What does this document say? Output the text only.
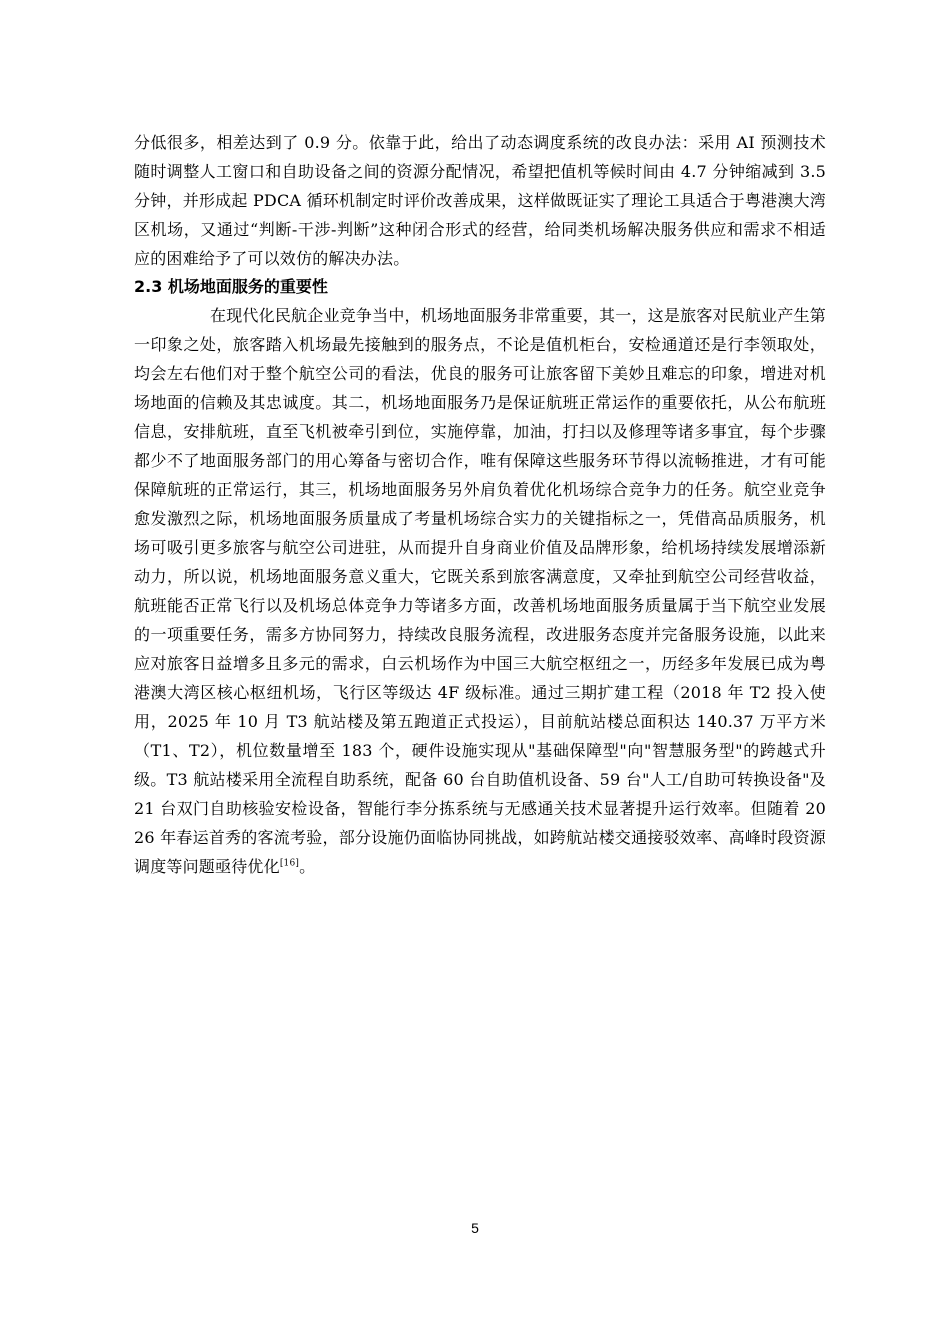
分低很多，相差达到了 0.9 分。依靠于此，给出了动态调度系统的改良办法：采用 AI 预测技术随时调整人工窗口和自助设备之间的资源分配情况，希望把值机等候时间由 4.7 分钟缩减到 3.5 分钟，并形成起 PDCA 循环机制定时评价改善成果，这样做既证实了理论工具适合于粤港澳大湾区机场，又通过“判断-干涉-判断”这种闭合形式的经营，给同类机场解决服务供应和需求不相适应的困难给予了可以效仿的解决办法。

2.3 机场地面服务的重要性

在现代化民航企业竞争当中，机场地面服务非常重要，其一，这是旅客对民航业产生第一印象之处，旅客踏入机场最先接触到的服务点，不论是值机柜台，安检通道还是行李领取处，均会左右他们对于整个航空公司的看法，优良的服务可让旅客留下美妙且难忘的印象，增进对机场地面的信赖及其忠诚度。其二，机场地面服务乃是保证航班正常运作的重要依托，从公布航班信息，安排航班，直至飞机被牵引到位，实施停靠，加油，打扫以及修理等诸多事宜，每个步骤都少不了地面服务部门的用心筹备与密切合作，唯有保障这些服务环节得以流畅推进，才有可能保障航班的正常运行，其三，机场地面服务另外肩负着优化机场综合竞争力的任务。航空业竞争愈发激烈之际，机场地面服务质量成了考量机场综合实力的关键指标之一，凭借高品质服务，机场可吸引更多旅客与航空公司进驻，从而提升自身商业价值及品牌形象，给机场持续发展增添新动力，所以说，机场地面服务意义重大，它既关系到旅客满意度，又牵扯到航空公司经营收益，航班能否正常飞行以及机场总体竞争力等诸多方面，改善机场地面服务质量属于当下航空业发展的一项重要任务，需多方协同努力，持续改良服务流程，改进服务态度并完备服务设施，以此来应对旅客日益增多且多元的需求，白云机场作为中国三大航空枢纽之一，历经多年发展已成为粤港澳大湾区核心枢纽机场，飞行区等级达 4F 级标准。通过三期扩建工程（2018 年 T2 投入使用，2025 年 10 月 T3 航站楼及第五跑道正式投运），目前航站楼总面积达 140.37 万平方米（T1、T2），机位数量增至 183 个，硬件设施实现从"基础保障型"向"智慧服务型"的跨越式升级。T3 航站楼采用全流程自助系统，配备 60 台自助值机设备、59 台"人工/自助可转换设备"及 21 台双门自助核验安检设备，智能行李分拣系统与无感通关技术显著提升运行效率。但随着 2026 年春运首秀的客流考验，部分设施仍面临协同挑战，如跨航站楼交通接驳效率、高峰时段资源调度等问题亟待优化[16]。

5
